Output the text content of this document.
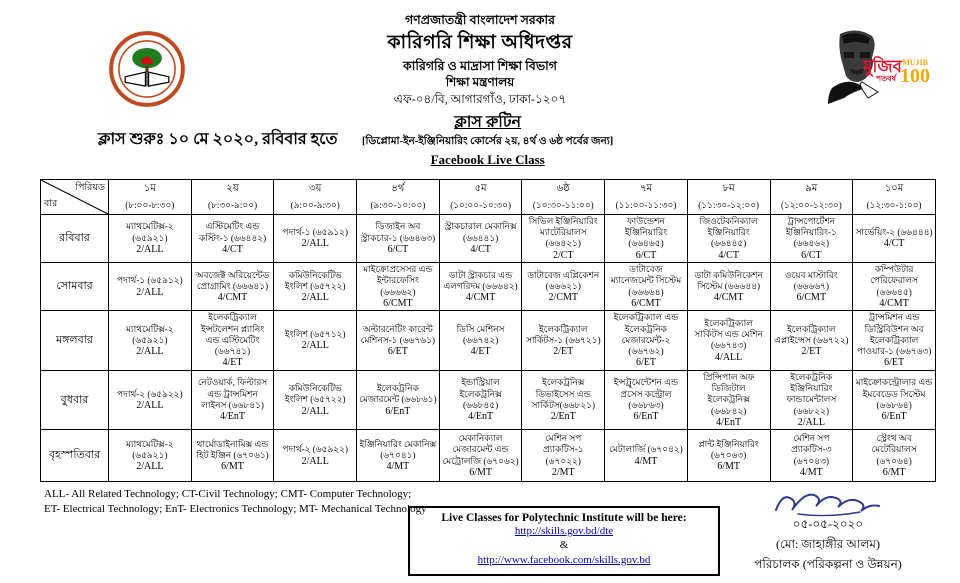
মুজিব
শতবর্ষ
MUJIB
100
গণপ্রজাতন্ত্রী বাংলাদেশ সরকার
কারিগরি শিক্ষা অধিদপ্তর
কারিগরি ও মাদ্রাসা শিক্ষা বিভাগ
শিক্ষা মন্ত্রণালয়
এফ-০৪/বি, আগারগাঁও, ঢাকা-১২০৭
ক্লাস রুটিন
ক্লাস শুরুঃ ১০ মে ২০২০, রবিবার হতে [ডিপ্লোমা-ইন-ইঞ্জিনিয়ারিং কোর্সের ২য়, ৪র্থ ও ৬ষ্ঠ পর্বের জন্য]
Facebook Live Class
পিরিয়ড
বার

১ম
(৮:০০-৮:৩০)

২য়
(৮:৩০-৯:০০)

৩য়
(৯:০০-৯:৩০)

৪র্থ
(৯:৩০-১০:০০)

৫ম
(১০:০০-১০:৩০)

৬ষ্ঠ
(১০:৩০-১১:০০)

৭ম
(১১:০০-১১:৩০)

৮ম
(১১:৩০-১২:০০)

৯ম
(১২:০০-১২:৩০)

১০ম
(১২:৩০-১:০০)

রবিবার	
ম্যাথমেটিক্স-২ (৬৫৯২১)
2/ALL

এস্টিমেটিং এন্ড কস্টিং-১ (৬৬৪৪২)
4/CT

পদার্থ-১ (৬৫৯১২)
2/ALL

ডিজাইন অব স্ট্রাকচার-১ (৬৬৪৬৩)
6/CT

স্ট্রাকচারাল মেকানিক্স (৬৬৪৪১)
4/CT

সিভিল ইঞ্জিনিয়ারিং ম্যাটেরিয়ালস (৬৬৪২১)
2/CT

ফাউন্ডেশন ইঞ্জিনিয়ারিং (৬৬৪৬৫)
6/CT

জিওটেকনিক্যাল ইঞ্জিনিয়ারিং (৬৬৪৪৫)
4/CT

ট্রান্সপোর্টেশন ইঞ্জিনিয়ারিং-১ (৬৬৪৬২)
6/CT

সার্ভেয়িং-২ (৬৬৪৪৪)
4/CT

সোমবার	পদার্থ-১ (৬৫৯১২)
2/ALL

অবজেক্ট অরিয়েন্টেড প্রোগ্রামিং (৬৬৬৪১)
4/CMT

কমিউনিকেটিভ ইংলিশ (৬৫৭২২)
2/ALL

মাইক্রোপ্রসেসর এন্ড ইন্টারফেসিং (৬৬৬৬২)
6/CMT

ডাটা স্ট্রাকচার এন্ড এলগরিদম (৬৬৬৪২)
4/CMT

ডাটাবেজ এপ্লিকেশন (৬৬৬২১)
2/CMT

ডাটাবেজ ম্যানেজমেন্ট সিস্টেম (৬৬৬৬৪)
6/CMT

ডাটা কমিউনিকেশন সিস্টেম (৬৬৬৪৪)
4/CMT

ওয়েব মাস্টারিং (৬৬৬৬৭)
6/CMT

কম্পিউটার পেরিফেরালস (৬৬৬৪৫)
4/CMT

মঙ্গলবার	
ম্যাথমেটিক্স-২ (৬৫৯২১)
2/ALL

ইলেকট্রিক্যাল ইন্সটলেশন প্ল্যানিং এন্ড এস্টিমেটিং (৬৬৭৪১)
4/ET

ইংলিশ (৬৫৭১২)
2/ALL

অল্টারনেটিং কারেন্ট মেশিনস-১ (৬৬৭৬১)
6/ET

ডিসি মেশিনস (৬৬৭৪২)
4/ET

ইলেকট্রিক্যাল সার্কিটস-১ (৬৬৭২১)
2/ET

ইলেকট্রিক্যাল এন্ড ইলেকট্রনিক মেজারমেন্ট-২ (৬৬৭৬২)
6/ET

ইলেকট্রিক্যাল সার্কিটস এন্ড মেশিন (৬৬৭৪৩)
4/ALL

ইলেকট্রিক্যাল এপ্লাইন্সেস (৬৬৭২২)
2/ET

ট্রান্সমিশন এন্ড ডিস্ট্রিবিউশন অব ইলেকট্রিক্যাল পাওয়ার-১ (৬৬৭৬৩)
6/ET

বুধবার	পদার্থ-২ (৬৫৯২২)
2/ALL

নেটওয়ার্ক, ফিল্টারস এন্ড ট্রান্সমিশন লাইনস (৬৬৮৪১)
4/EnT

কমিউনিকেটিভ ইংলিশ (৬৫৭২২)
2/ALL

ইলেকট্রনিক মেজারমেন্ট (৬৬৮৬১)
6/EnT

ইন্ডাস্ট্রিয়াল ইলেকট্রনিক্স (৬৬৮৪৫)
4/EnT

ইলেকট্রনিক্স ডিভাইসেস এন্ড সার্কিটস(৬৬৮২১)
2/EnT

ইন্সট্রুমেন্টেশন এন্ড প্রসেস কন্ট্রোল (৬৬৮৬৩)
6/EnT

প্রিন্সিপাল অফ ডিজিটাল ইলেকট্রনিক্স (৬৬৮৪২)
4/EnT

ইলেকট্রনিক ইঞ্জিনিয়ারিং ফান্ডামেন্টালস (৬৬৮২২)
2/ALL

মাইক্রোকন্ট্রোলার এন্ড ইমবেডেড সিস্টেম (৬৬৮৬৪)
6/EnT

বৃহস্পতিবার	
ম্যাথমেটিক্স-২ (৬৫৯২১)
2/ALL

থার্মোডাইনামিক্স এন্ড হিট ইঞ্জিন (৬৭০৬১)
6/MT

পদার্থ-২ (৬৫৯২২)
2/ALL

ইঞ্জিনিয়ারিং মেকানিক্স (৬৭০৪১)
4/MT

মেকানিক্যাল মেজারমেন্ট এন্ড মেট্রোলজি (৬৭০৬২)
6/MT

মেশিন সপ প্র্যাকটিস-১ (৬৭০২২)
2/MT

মেটালার্জি (৬৭০৪২)
4/MT

প্লান্ট ইঞ্জিনিয়ারিং (৬৭০৬৩)
6/MT

মেশিন সপ প্র্যাকটিস-৩ (৬৭০৪৩)
4/MT

স্ট্রেংথ অব মেটেরিয়ালস (৬৭০৬৪)
6/MT
ALL- All Related Technology; CT-Civil Technology; CMT- Computer Technology;
ET- Electrical Technology; EnT- Electronics Technology; MT- Mechanical Technology
Live Classes for Polytechnic Institute will be here:
http://skills.gov.bd/dte
&
http://www.facebook.com/skills.gov.bd
০৫-০৫-২০২০
(মো: জাহাঙ্গীর আলম)
পরিচালক (পরিকল্পনা ও উন্নয়ন)
